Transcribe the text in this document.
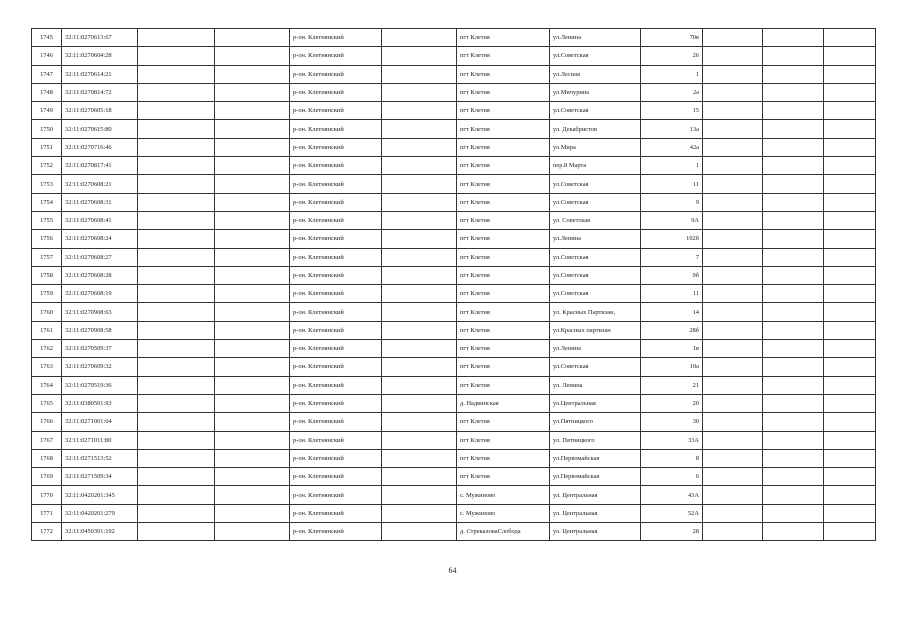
1745	32:11:0270613:67			р-он. Клетнянский		пгт Клетня	ул.Ленина	70в			
1746	32:11:0270604:28			р-он. Клетнянский		пгт Клетня	ул.Советская	26			
1747	32:11:0270614:21			р-он. Клетнянский		пгт Клетня	ул.Лесная	1			
1748	32:11:0270814:72			р-он. Клетнянский		пгт Клетня	ул.Мичурина	2а			
1749	32:11:0270605:18			р-он. Клетнянский		пгт Клетня	ул.Советская	15			
1750	32:11:0270615:80			р-он. Клетнянский		пгт Клетня	ул. Декабристов	13а			
1751	32:11:0270716:46			р-он. Клетнянский		пгт Клетня	ул.Мира	42а			
1752	32:11:0270817:41			р-он. Клетнянский		пгт Клетня	пер.8 Марта	1			
1753	32:11:0270608:21			р-он. Клетнянский		пгт Клетня	ул.Советская	11			
1754	32:11:0270608:31			р-он. Клетнянский		пгт Клетня	ул.Советская	9			
1755	32:11:0270608:41			р-он. Клетнянский		пгт Клетня	ул. Советская	9А			
1756	32:11:0270608:24			р-он. Клетнянский		пгт Клетня	ул.Ленина	102б			
1757	32:11:0270608:27			р-он. Клетнянский		пгт Клетня	ул.Советская	7			
1758	32:11:0270608:28			р-он. Клетнянский		пгт Клетня	ул.Советская	9б			
1759	32:11:0270608:19			р-он. Клетнянский		пгт Клетня	ул.Советская	11			
1760	32:11:0270908:63			р-он. Клетнянский		пгт Клетня	ул. Красных Партизан,	14			
1761	32:11:0270908:58			р-он. Клетнянский		пгт Клетня	ул.Красных партизан	28б			
1762	32:11:0270509:37			р-он. Клетнянский		пгт Клетня	ул.Ленина	1в			
1763	32:11:0270609:32			р-он. Клетнянский		пгт Клетня	ул.Советская	10а			
1764	32:11:0270519:36			р-он. Клетнянский		пгт Клетня	ул. Ленина	21			
1765	32:11:0380501:93			р-он. Клетнянский		д. Надвинская	ул.Центральная	20			
1766	32:11:0271001:64			р-он. Клетнянский		пгт Клетня	ул.Пятницкого	30			
1767	32:11:0271011:80			р-он. Клетнянский		пгт Клетня	ул. Пятницкого	33А			
1768	32:11:0271513:52			р-он. Клетнянский		пгт Клетня	ул.Первомайская	8			
1769	32:11:0271509:34			р-он. Клетнянский		пгт Клетня	ул.Первомайская	6			
1770	32:11:0420201:345			р-он. Клетнянский		с. Мужиново	ул. Центральная	43А			
1771	32:11:0420201:279			р-он. Клетнянский		с. Мужиново	ул. Центральная	52А			
1772	32:11:0450301:192			р-он. Клетнянский		д. СтрекаловаСлобода	ул. Центральная	28			
64
